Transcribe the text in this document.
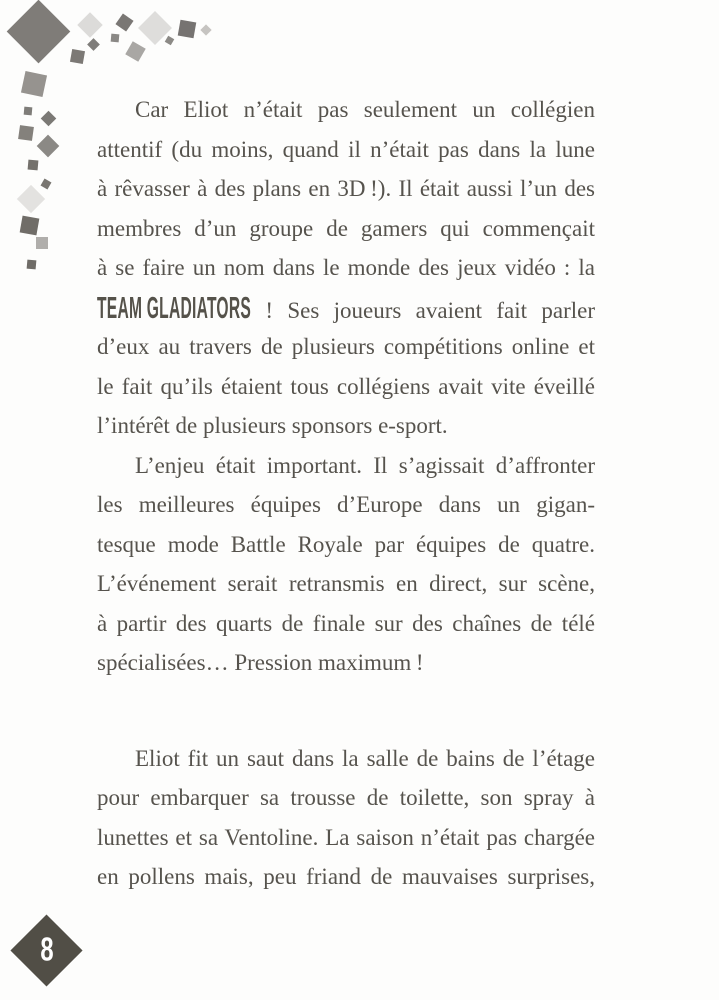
Car Eliot n’était pas seulement un collégien
attentif (du moins, quand il n’était pas dans la lune
à rêvasser à des plans en 3D !). Il était aussi l’un des
membres d’un groupe de gamers qui commençait
à se faire un nom dans le monde des jeux vidéo : la
TEAM GLADIATORS ! Ses joueurs avaient fait parler
d’eux au travers de plusieurs compétitions online et
le fait qu’ils étaient tous collégiens avait vite éveillé
l’intérêt de plusieurs sponsors e-sport.
L’enjeu était important. Il s’agissait d’affronter
les meilleures équipes d’Europe dans un gigan-
tesque mode Battle Royale par équipes de quatre.
L’événement serait retransmis en direct, sur scène,
à partir des quarts de finale sur des chaînes de télé
spécialisées… Pression maximum !
Eliot fit un saut dans la salle de bains de l’étage
pour embarquer sa trousse de toilette, son spray à
lunettes et sa Ventoline. La saison n’était pas chargée
en pollens mais, peu friand de mauvaises surprises,
8
